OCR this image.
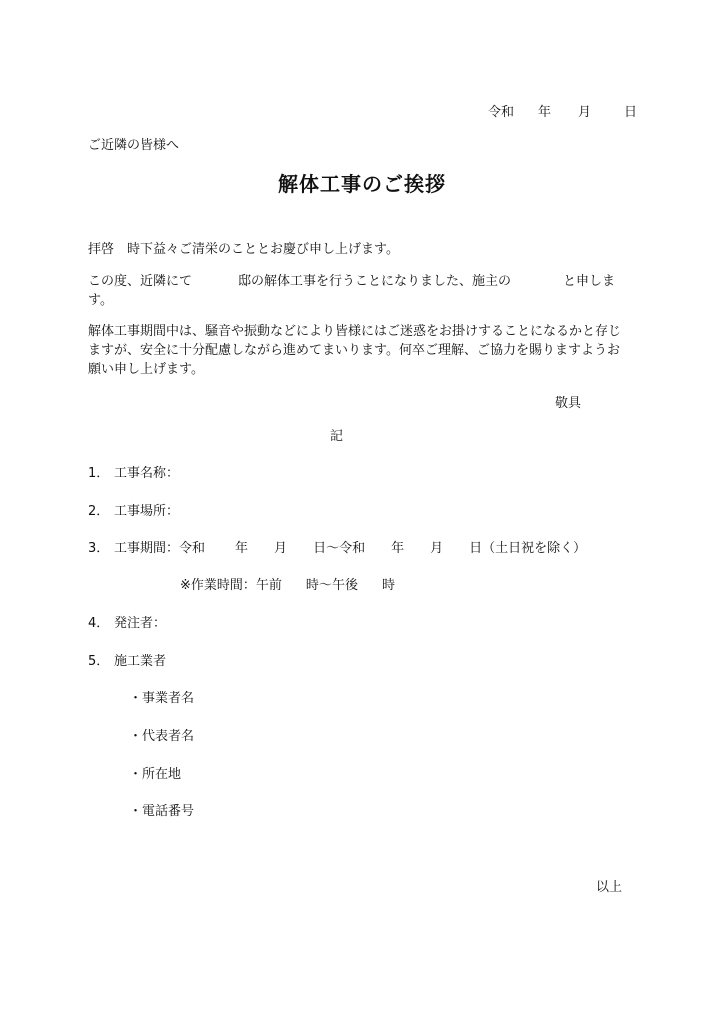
令和 年 月	日
ご近隣の皆様へ
解体工事のご挨拶
拝啓　時下益々ご清栄のこととお慶び申し上げます。
この度、近隣にて	邸の解体工事を行うことになりました、施主の	と申しま
す。
解体工事期間中は、騒音や振動などにより皆様にはご迷惑をお掛けすることになるかと存じ
ますが、安全に十分配慮しながら進めてまいります。何卒ご理解、ご協力を賜りますようお
願い申し上げます。
敬具
記
1． 工事名称：
2． 工事場所：
3． 工事期間：令和 年 月 日～令和 年 月 日（土日祝を除く）
※作業時間：午前 時～午後 時
4． 発注者：
5． 施工業者
・事業者名
・代表者名
・所在地
・電話番号
以上
